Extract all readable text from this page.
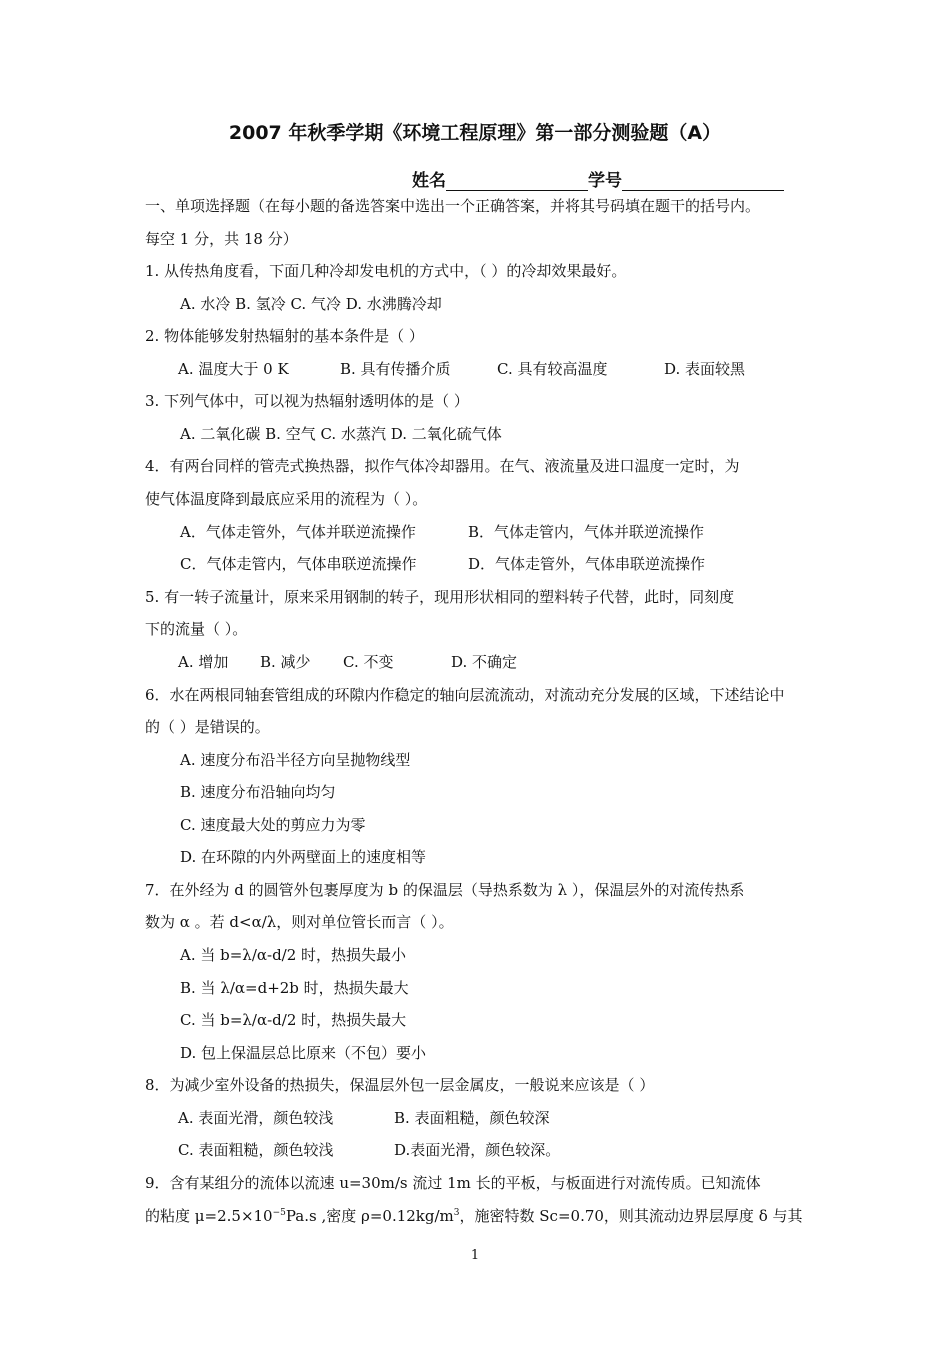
2007 年秋季学期《环境工程原理》第一部分测验题（A）
姓名	学号
一、单项选择题（在每小题的备选答案中选出一个正确答案，并将其号码填在题干的括号内。
每空 1 分，共 18 分）
1. 从传热角度看，下面几种冷却发电机的方式中，（ ）的冷却效果最好。
A. 水冷 B. 氢冷 C. 气冷 D. 水沸腾冷却
2. 物体能够发射热辐射的基本条件是（ ）
A. 温度大于 0 K	B. 具有传播介质	C. 具有较高温度	D. 表面较黑
3. 下列气体中，可以视为热辐射透明体的是（ ）
A. 二氧化碳 B. 空气 C. 水蒸汽 D. 二氧化硫气体
4．有两台同样的管壳式换热器，拟作气体冷却器用。在气、液流量及进口温度一定时，为
使气体温度降到最底应采用的流程为（ ）。
A．气体走管外，气体并联逆流操作	B．气体走管内，气体并联逆流操作
C．气体走管内，气体串联逆流操作	D．气体走管外，气体串联逆流操作
5. 有一转子流量计，原来采用钢制的转子，现用形状相同的塑料转子代替，此时，同刻度
下的流量（ ）。
A. 增加 B. 减少 C. 不变	D. 不确定
6．水在两根同轴套管组成的环隙内作稳定的轴向层流流动，对流动充分发展的区域，下述结论中
的（ ）是错误的。
A. 速度分布沿半径方向呈抛物线型
B. 速度分布沿轴向均匀
C. 速度最大处的剪应力为零
D. 在环隙的内外两壁面上的速度相等
7．在外经为 d 的圆管外包裹厚度为 b 的保温层（导热系数为 λ ），保温层外的对流传热系
数为 α 。若 d<α/λ，则对单位管长而言（ ）。
A. 当 b=λ/α-d/2 时，热损失最小
B. 当 λ/α=d+2b 时，热损失最大
C. 当 b=λ/α-d/2 时，热损失最大
D. 包上保温层总比原来（不包）要小
8．为减少室外设备的热损失，保温层外包一层金属皮，一般说来应该是（ ）
A. 表面光滑，颜色较浅	B. 表面粗糙，颜色较深
C. 表面粗糙，颜色较浅	D.表面光滑，颜色较深。
9．含有某组分的流体以流速 u=30m/s 流过 1m 长的平板，与板面进行对流传质。已知流体
的粘度 $\mu=2.5\times 10^{-5}Pa.s$ ,密度 $\rho=0.12kg/m^3$，施密特数 Sc=0.70，则其流动边界层厚度 δ 与其
1
